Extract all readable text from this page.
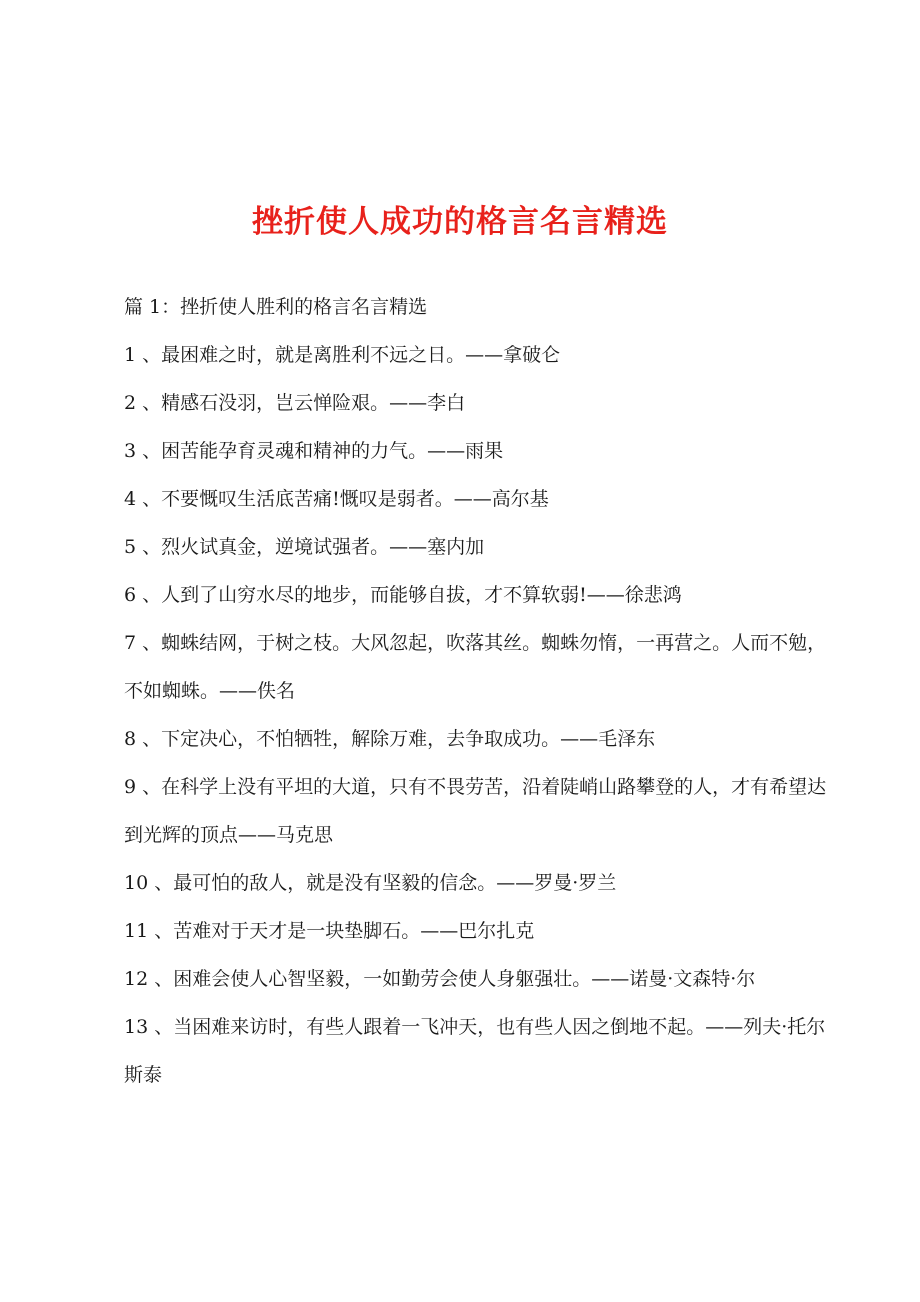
挫折使人成功的格言名言精选

篇 1：挫折使人胜利的格言名言精选

1 、最困难之时，就是离胜利不远之日。——拿破仑

2 、精感石没羽，岂云惮险艰。——李白

3 、困苦能孕育灵魂和精神的力气。——雨果

4 、不要慨叹生活底苦痛!慨叹是弱者。——高尔基

5 、烈火试真金，逆境试强者。——塞内加

6 、人到了山穷水尽的地步，而能够自拔，才不算软弱!——徐悲鸿

7 、蜘蛛结网，于树之枝。大风忽起，吹落其丝。蜘蛛勿惰，一再营之。人而不勉，不如蜘蛛。——佚名

8 、下定决心，不怕牺牲，解除万难，去争取成功。——毛泽东

9 、在科学上没有平坦的大道，只有不畏劳苦，沿着陡峭山路攀登的人，才有希望达到光辉的顶点——马克思

10 、最可怕的敌人，就是没有坚毅的信念。——罗曼·罗兰

11 、苦难对于天才是一块垫脚石。——巴尔扎克

12 、困难会使人心智坚毅，一如勤劳会使人身躯强壮。——诺曼·文森特·尔

13 、当困难来访时，有些人跟着一飞冲天，也有些人因之倒地不起。——列夫·托尔斯泰
